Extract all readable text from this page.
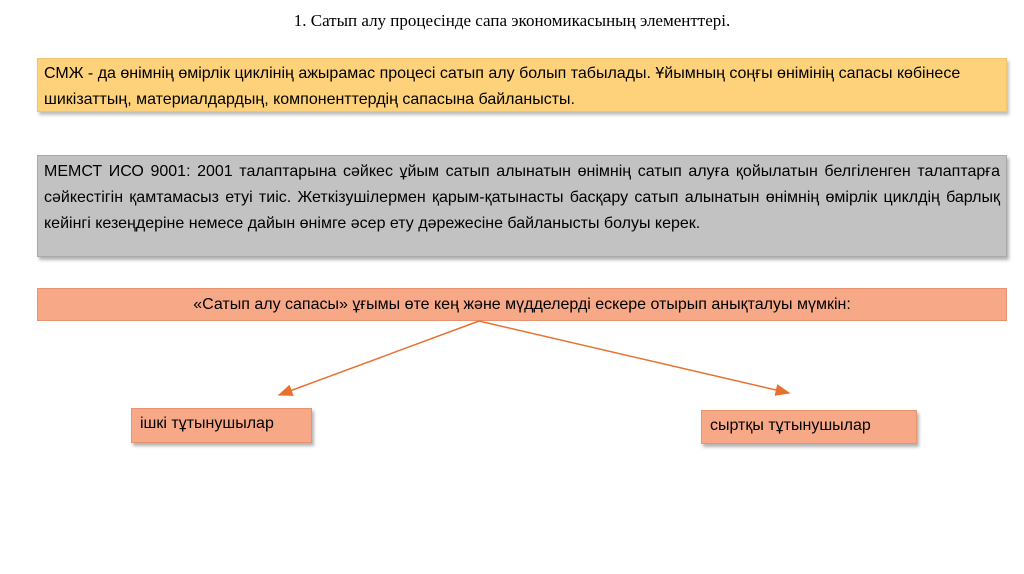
1. Сатып алу процесінде сапа экономикасының элементтері.
СМЖ - да өнімнің өмірлік циклінің ажырамас процесі сатып алу болып табылады. Ұйымның соңғы өнімінің сапасы көбінесе шикізаттың, материалдардың, компоненттердің сапасына байланысты.
МЕМСТ ИСО 9001: 2001 талаптарына сәйкес ұйым сатып алынатын өнімнің сатып алуға қойылатын белгіленген талаптарға сәйкестігін қамтамасыз етуі тиіс. Жеткізушілермен қарым-қатынасты басқару сатып алынатын өнімнің өмірлік циклдің барлық кейінгі кезеңдеріне немесе дайын өнімге әсер ету дәрежесіне байланысты болуы керек.
«Сатып алу сапасы» ұғымы өте кең және мүдделерді ескере отырып анықталуы мүмкін:
ішкі тұтынушылар	сыртқы тұтынушылар
